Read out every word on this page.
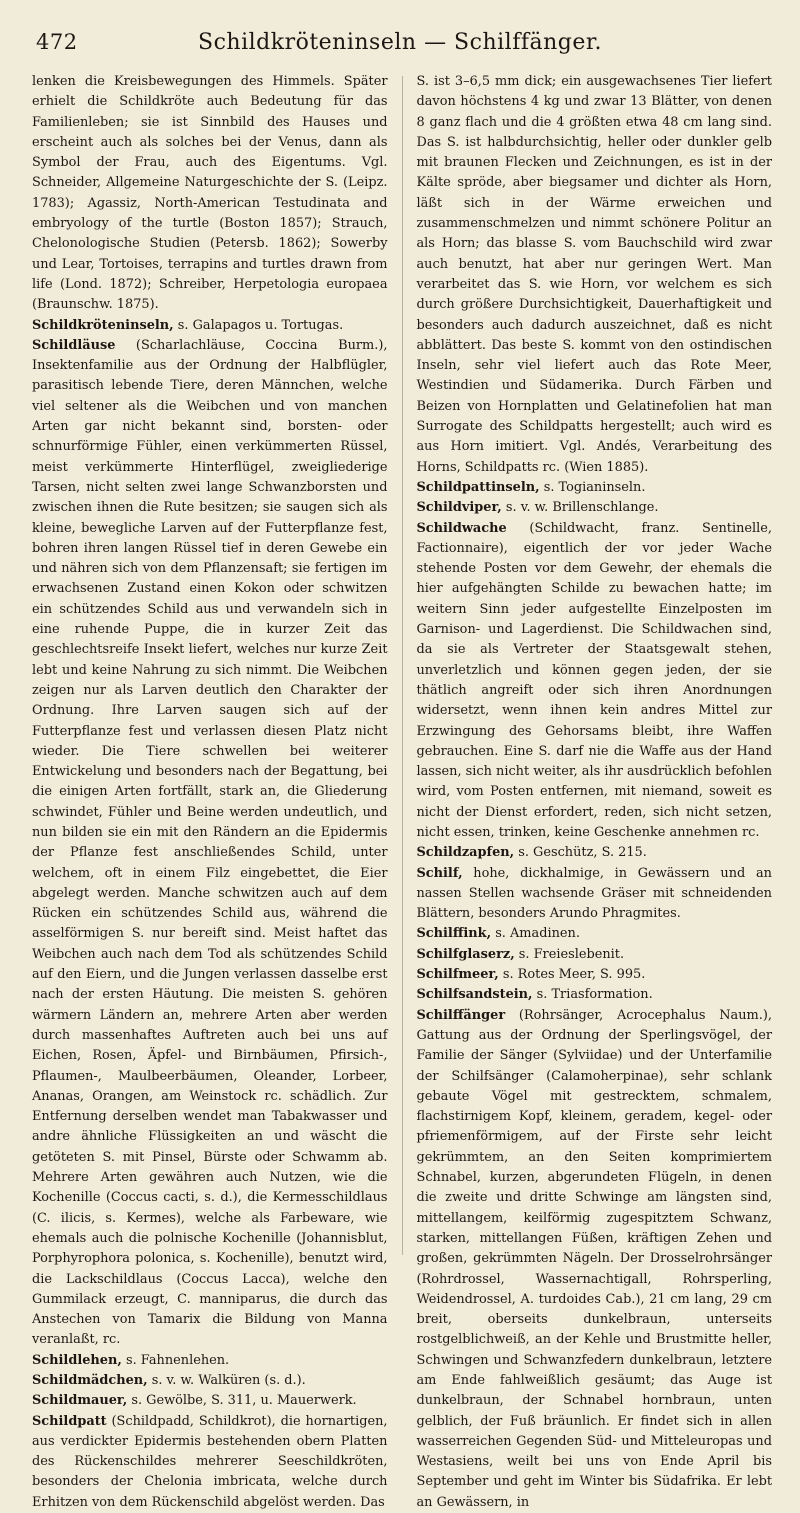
472	Schildkröteninseln — Schilffänger.

lenken die Kreisbewegungen des Himmels. Später erhielt die Schildkröte auch Bedeutung für das Familienleben; sie ist Sinnbild des Hauses und erscheint auch als solches bei der Venus, dann als Symbol der Frau, auch des Eigentums. Vgl. Schneider, Allgemeine Naturgeschichte der S. (Leipz. 1783); Agassiz, North-American Testudinata and embryology of the turtle (Boston 1857); Strauch, Chelonologische Studien (Petersb. 1862); Sowerby und Lear, Tortoises, terrapins and turtles drawn from life (Lond. 1872); Schreiber, Herpetologia europaea (Braunschw. 1875).

Schildkröteninseln, s. Galapagos u. Tortugas.

Schildläuse (Scharlachläuse, Coccina Burm.), Insektenfamilie aus der Ordnung der Halbflügler, parasitisch lebende Tiere, deren Männchen, welche viel seltener als die Weibchen und von manchen Arten gar nicht bekannt sind, borsten- oder schnurförmige Fühler, einen verkümmerten Rüssel, meist verkümmerte Hinterflügel, zweigliederige Tarsen, nicht selten zwei lange Schwanzborsten und zwischen ihnen die Rute besitzen; sie saugen sich als kleine, bewegliche Larven auf der Futterpflanze fest, bohren ihren langen Rüssel tief in deren Gewebe ein und nähren sich von dem Pflanzensaft; sie fertigen im erwachsenen Zustand einen Kokon oder schwitzen ein schützendes Schild aus und verwandeln sich in eine ruhende Puppe, die in kurzer Zeit das geschlechtsreife Insekt liefert, welches nur kurze Zeit lebt und keine Nahrung zu sich nimmt. Die Weibchen zeigen nur als Larven deutlich den Charakter der Ordnung. Ihre Larven saugen sich auf der Futterpflanze fest und verlassen diesen Platz nicht wieder. Die Tiere schwellen bei weiterer Entwickelung und besonders nach der Begattung, bei die einigen Arten fortfällt, stark an, die Gliederung schwindet, Fühler und Beine werden undeutlich, und nun bilden sie ein mit den Rändern an die Epidermis der Pflanze fest anschließendes Schild, unter welchem, oft in einem Filz eingebettet, die Eier abgelegt werden. Manche schwitzen auch auf dem Rücken ein schützendes Schild aus, während die asselförmigen S. nur bereift sind. Meist haftet das Weibchen auch nach dem Tod als schützendes Schild auf den Eiern, und die Jungen verlassen dasselbe erst nach der ersten Häutung. Die meisten S. gehören wärmern Ländern an, mehrere Arten aber werden durch massenhaftes Auftreten auch bei uns auf Eichen, Rosen, Äpfel- und Birnbäumen, Pfirsich-, Pflaumen-, Maulbeerbäumen, Oleander, Lorbeer, Ananas, Orangen, am Weinstock rc. schädlich. Zur Entfernung derselben wendet man Tabakwasser und andre ähnliche Flüssigkeiten an und wäscht die getöteten S. mit Pinsel, Bürste oder Schwamm ab. Mehrere Arten gewähren auch Nutzen, wie die Kochenille (Coccus cacti, s. d.), die Kermesschildlaus (C. ilicis, s. Kermes), welche als Farbeware, wie ehemals auch die polnische Kochenille (Johannisblut, Porphyrophora polonica, s. Kochenille), benutzt wird, die Lackschildlaus (Coccus Lacca), welche den Gummilack erzeugt, C. manniparus, die durch das Anstechen von Tamarix die Bildung von Manna veranlaßt, rc.

Schildlehen, s. Fahnenlehen.

Schildmädchen, s. v. w. Walküren (s. d.).

Schildmauer, s. Gewölbe, S. 311, u. Mauerwerk.

Schildpatt (Schildpadd, Schildkrot), die hornartigen, aus verdickter Epidermis bestehenden obern Platten des Rückenschildes mehrerer Seeschildkröten, besonders der Chelonia imbricata, welche durch Erhitzen von dem Rückenschild abgelöst werden. Das

S. ist 3–6,5 mm dick; ein ausgewachsenes Tier liefert davon höchstens 4 kg und zwar 13 Blätter, von denen 8 ganz flach und die 4 größten etwa 48 cm lang sind. Das S. ist halbdurchsichtig, heller oder dunkler gelb mit braunen Flecken und Zeichnungen, es ist in der Kälte spröde, aber biegsamer und dichter als Horn, läßt sich in der Wärme erweichen und zusammenschmelzen und nimmt schönere Politur an als Horn; das blasse S. vom Bauchschild wird zwar auch benutzt, hat aber nur geringen Wert. Man verarbeitet das S. wie Horn, vor welchem es sich durch größere Durchsichtigkeit, Dauerhaftigkeit und besonders auch dadurch auszeichnet, daß es nicht abblättert. Das beste S. kommt von den ostindischen Inseln, sehr viel liefert auch das Rote Meer, Westindien und Südamerika. Durch Färben und Beizen von Hornplatten und Gelatinefolien hat man Surrogate des Schildpatts hergestellt; auch wird es aus Horn imitiert. Vgl. Andés, Verarbeitung des Horns, Schildpatts rc. (Wien 1885).

Schildpattinseln, s. Togianinseln.

Schildviper, s. v. w. Brillenschlange.

Schildwache (Schildwacht, franz. Sentinelle, Factionnaire), eigentlich der vor jeder Wache stehende Posten vor dem Gewehr, der ehemals die hier aufgehängten Schilde zu bewachen hatte; im weitern Sinn jeder aufgestellte Einzelposten im Garnison- und Lagerdienst. Die Schildwachen sind, da sie als Vertreter der Staatsgewalt stehen, unverletzlich und können gegen jeden, der sie thätlich angreift oder sich ihren Anordnungen widersetzt, wenn ihnen kein andres Mittel zur Erzwingung des Gehorsams bleibt, ihre Waffen gebrauchen. Eine S. darf nie die Waffe aus der Hand lassen, sich nicht weiter, als ihr ausdrücklich befohlen wird, vom Posten entfernen, mit niemand, soweit es nicht der Dienst erfordert, reden, sich nicht setzen, nicht essen, trinken, keine Geschenke annehmen rc.

Schildzapfen, s. Geschütz, S. 215.

Schilf, hohe, dickhalmige, in Gewässern und an nassen Stellen wachsende Gräser mit schneidenden Blättern, besonders Arundo Phragmites.

Schilffink, s. Amadinen.

Schilfglaserz, s. Freieslebenit.

Schilfmeer, s. Rotes Meer, S. 995.

Schilfsandstein, s. Triasformation.

Schilffänger (Rohrsänger, Acrocephalus Naum.), Gattung aus der Ordnung der Sperlingsvögel, der Familie der Sänger (Sylviidae) und der Unterfamilie der Schilfsänger (Calamoherpinae), sehr schlank gebaute Vögel mit gestrecktem, schmalem, flachstirnigem Kopf, kleinem, geradem, kegel- oder pfriemenförmigem, auf der Firste sehr leicht gekrümmtem, an den Seiten komprimiertem Schnabel, kurzen, abgerundeten Flügeln, in denen die zweite und dritte Schwinge am längsten sind, mittellangem, keilförmig zugespitztem Schwanz, starken, mittellangen Füßen, kräftigen Zehen und großen, gekrümmten Nägeln. Der Drosselrohrsänger (Rohrdrossel, Wassernachtigall, Rohrsperling, Weidendrossel, A. turdoides Cab.), 21 cm lang, 29 cm breit, oberseits dunkelbraun, unterseits rostgelblichweiß, an der Kehle und Brustmitte heller, Schwingen und Schwanzfedern dunkelbraun, letztere am Ende fahlweißlich gesäumt; das Auge ist dunkelbraun, der Schnabel hornbraun, unten gelblich, der Fuß bräunlich. Er findet sich in allen wasserreichen Gegenden Süd- und Mitteleuropas und Westasiens, weilt bei uns von Ende April bis September und geht im Winter bis Südafrika. Er lebt an Gewässern, in
